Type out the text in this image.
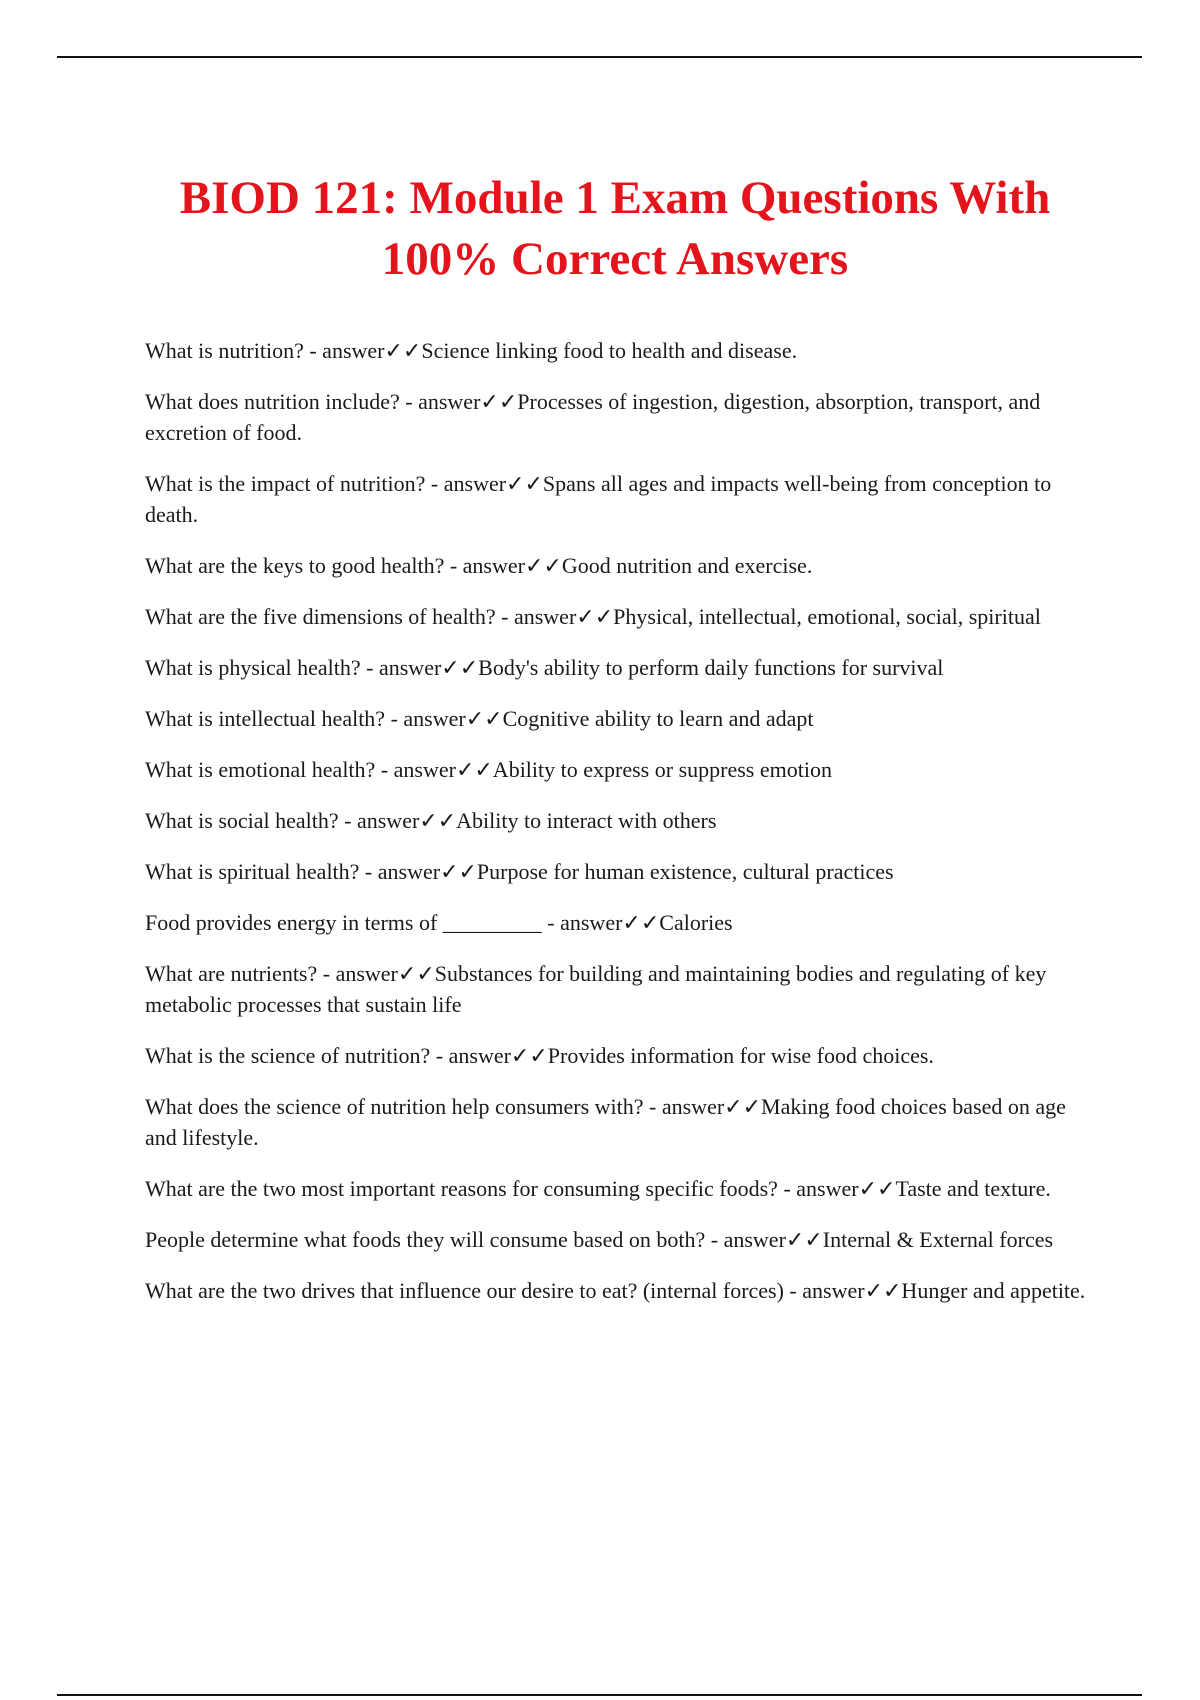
BIOD 121: Module 1 Exam Questions With 100% Correct Answers
What is nutrition? - answer✓✓Science linking food to health and disease.
What does nutrition include? - answer✓✓Processes of ingestion, digestion, absorption, transport, and excretion of food.
What is the impact of nutrition? - answer✓✓Spans all ages and impacts well-being from conception to death.
What are the keys to good health? - answer✓✓Good nutrition and exercise.
What are the five dimensions of health? - answer✓✓Physical, intellectual, emotional, social, spiritual
What is physical health? - answer✓✓Body's ability to perform daily functions for survival
What is intellectual health? - answer✓✓Cognitive ability to learn and adapt
What is emotional health? - answer✓✓Ability to express or suppress emotion
What is social health? - answer✓✓Ability to interact with others
What is spiritual health? - answer✓✓Purpose for human existence, cultural practices
Food provides energy in terms of _________ - answer✓✓Calories
What are nutrients? - answer✓✓Substances for building and maintaining bodies and regulating of key metabolic processes that sustain life
What is the science of nutrition? - answer✓✓Provides information for wise food choices.
What does the science of nutrition help consumers with? - answer✓✓Making food choices based on age and lifestyle.
What are the two most important reasons for consuming specific foods? - answer✓✓Taste and texture.
People determine what foods they will consume based on both? - answer✓✓Internal & External forces
What are the two drives that influence our desire to eat? (internal forces) - answer✓✓Hunger and appetite.
